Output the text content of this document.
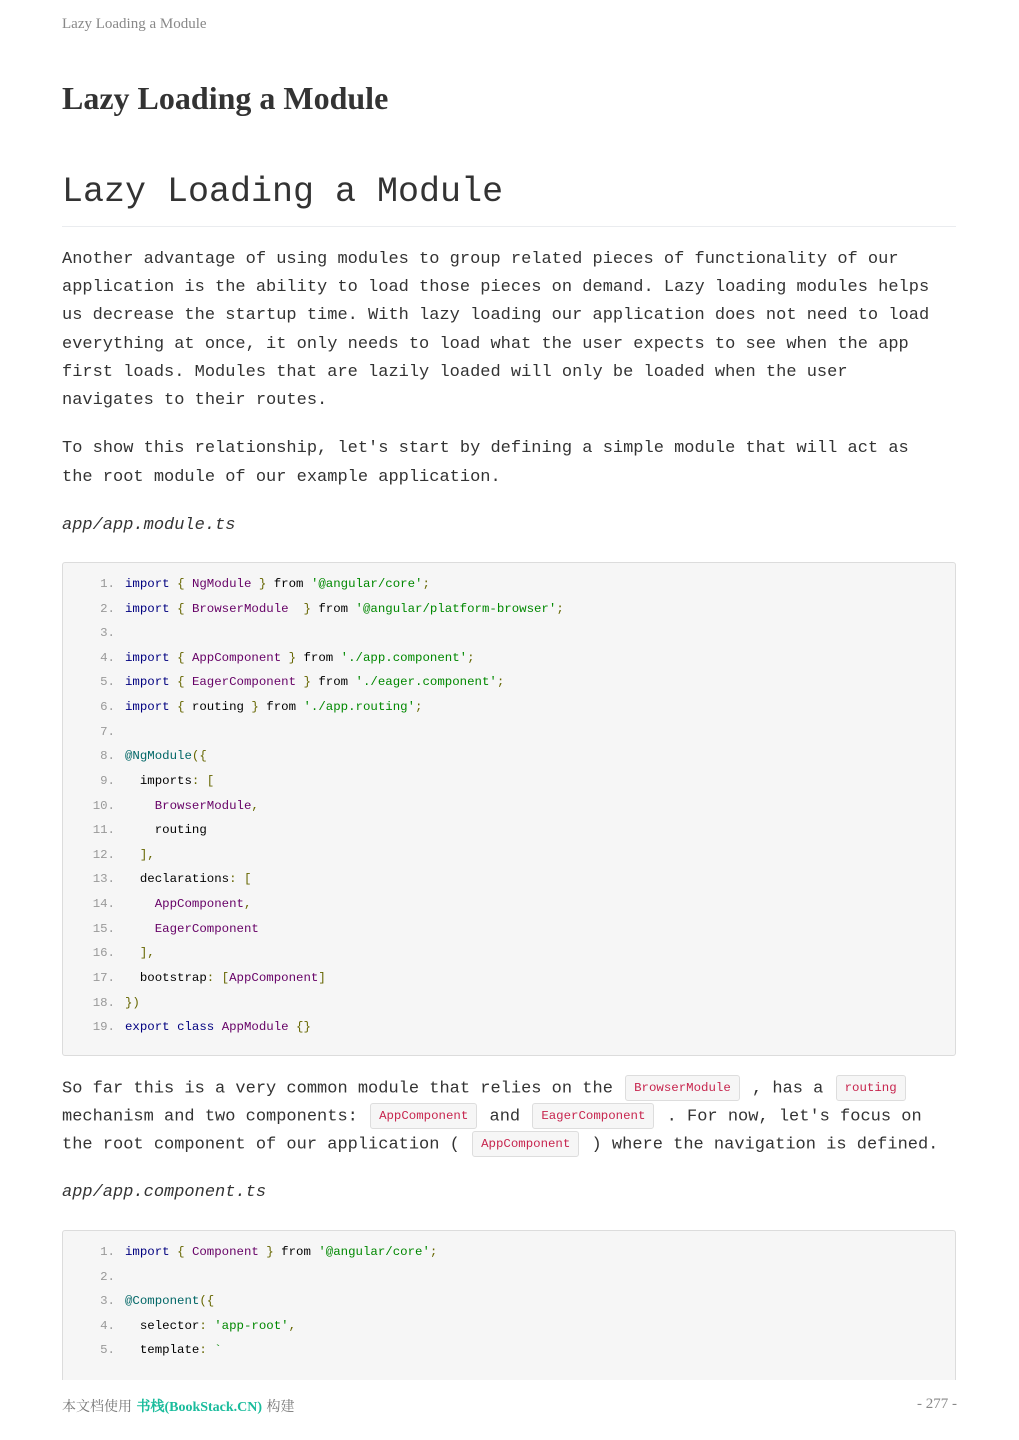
Lazy Loading a Module
Lazy Loading a Module
Lazy Loading a Module

Another advantage of using modules to group related pieces of functionality of our

application is the ability to load those pieces on demand. Lazy loading modules helps

us decrease the startup time. With lazy loading our application does not need to load

everything at once, it only needs to load what the user expects to see when the app

first loads. Modules that are lazily loaded will only be loaded when the user

navigates to their routes.

To show this relationship, let's start by defining a simple module that will act as

the root module of our example application.

app/app.module.ts

1. import { NgModule } from '@angular/core';
2. import { BrowserModule } from '@angular/platform-browser';
3.
4. import { AppComponent } from './app.component';
5. import { EagerComponent } from './eager.component';
6. import { routing } from './app.routing';
7.
8. @NgModule({
9.  imports: [
10.	BrowserModule,
11.    routing
12. ],
13.  declarations: [
14.	AppComponent,
15.	EagerComponent
16. ],
17.  bootstrap: [AppComponent]
18. })
19. export class AppModule {}

So far this is a very common module that relies on the BrowserModule , has a routing

mechanism and two components: AppComponent and EagerComponent . For now, let's focus on

the root component of our application ( AppComponent ) where the navigation is defined.

app/app.component.ts

1. import { Component } from '@angular/core';
2.
3. @Component({
4.  selector: 'app-root',
5.  template: `
本文档使用 书栈(BookStack.CN) 构建	- 277 -
